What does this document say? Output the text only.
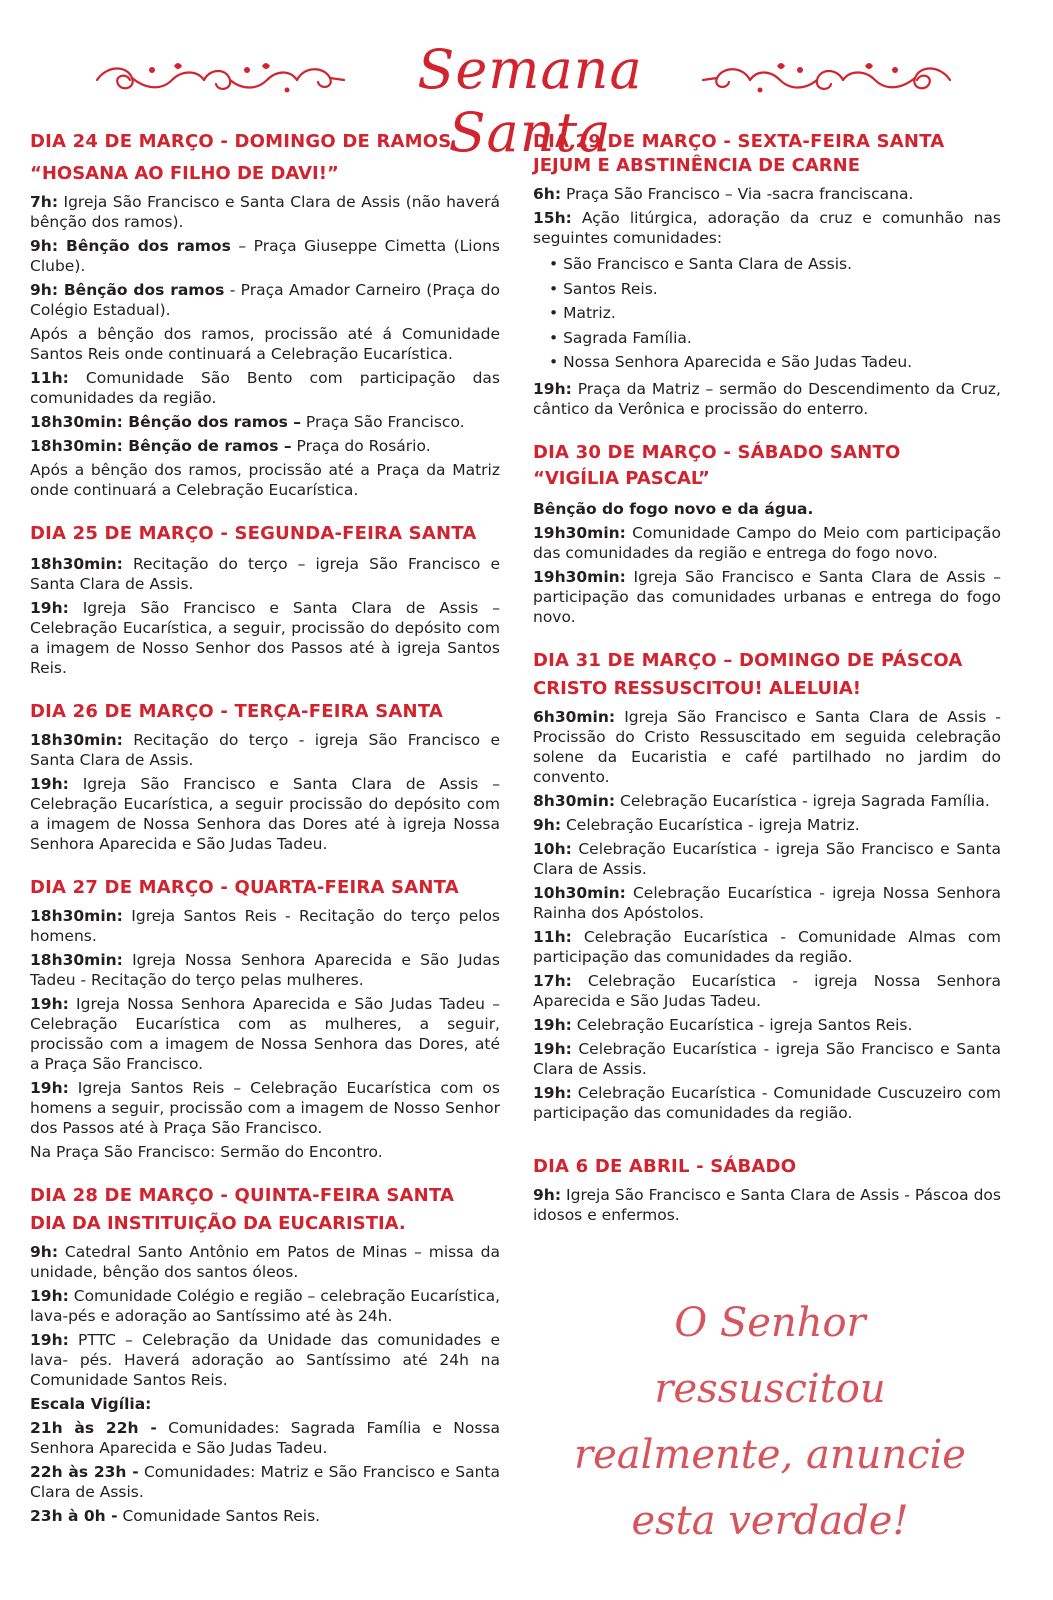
Semana Santa

DIA 24 DE MARÇO - DOMINGO DE RAMOS

“HOSANA AO FILHO DE DAVI!”

7h: Igreja São Francisco e Santa Clara de Assis (não haverá bênção dos ramos).

9h: Bênção dos ramos – Praça Giuseppe Cimetta (Lions Clube).

9h: Bênção dos ramos - Praça Amador Carneiro (Praça do Colégio Estadual).

Após a bênção dos ramos, procissão até á Comunidade Santos Reis onde continuará a Celebração Eucarística.

11h: Comunidade São Bento com participação das comunidades da região.

18h30min: Bênção dos ramos – Praça São Francisco.

18h30min: Bênção de ramos – Praça do Rosário.

Após a bênção dos ramos, procissão até a Praça da Matriz onde continuará a Celebração Eucarística.

DIA 25 DE MARÇO - SEGUNDA-FEIRA SANTA

18h30min: Recitação do terço – igreja São Francisco e Santa Clara de Assis.

19h: Igreja São Francisco e Santa Clara de Assis – Celebração Eucarística, a seguir, procissão do depósito com a imagem de Nosso Senhor dos Passos até à igreja Santos Reis.

DIA 26 DE MARÇO - TERÇA-FEIRA SANTA

18h30min: Recitação do terço - igreja São Francisco e Santa Clara de Assis.

19h: Igreja São Francisco e Santa Clara de Assis – Celebração Eucarística, a seguir procissão do depósito com a imagem de Nossa Senhora das Dores até à igreja Nossa Senhora Aparecida e São Judas Tadeu.

DIA 27 DE MARÇO - QUARTA-FEIRA SANTA

18h30min: Igreja Santos Reis - Recitação do terço pelos homens.

18h30min: Igreja Nossa Senhora Aparecida e São Judas Tadeu - Recitação do terço pelas mulheres.

19h: Igreja Nossa Senhora Aparecida e São Judas Tadeu – Celebração Eucarística com as mulheres, a seguir, procissão com a imagem de Nossa Senhora das Dores, até a Praça São Francisco.

19h: Igreja Santos Reis – Celebração Eucarística com os homens a seguir, procissão com a imagem de Nosso Senhor dos Passos até à Praça São Francisco.

Na Praça São Francisco: Sermão do Encontro.

DIA 28 DE MARÇO - QUINTA-FEIRA SANTA

DIA DA INSTITUIÇÃO DA EUCARISTIA.

9h: Catedral Santo Antônio em Patos de Minas – missa da unidade, bênção dos santos óleos.

19h: Comunidade Colégio e região – celebração Eucarística, lava-pés e adoração ao Santíssimo até às 24h.

19h: PTTC – Celebração da Unidade das comunidades e lava- pés. Haverá adoração ao Santíssimo até 24h na Comunidade Santos Reis.

Escala Vigília:

21h às 22h - Comunidades: Sagrada Família e Nossa Senhora Aparecida e São Judas Tadeu.

22h às 23h - Comunidades: Matriz e São Francisco e Santa Clara de Assis.

23h à 0h - Comunidade Santos Reis.

DIA 29 DE MARÇO - SEXTA-FEIRA SANTA

JEJUM E ABSTINÊNCIA DE CARNE

6h: Praça São Francisco – Via -sacra franciscana.

15h: Ação litúrgica, adoração da cruz e comunhão nas seguintes comunidades:

• São Francisco e Santa Clara de Assis.
• Santos Reis.
• Matriz.
• Sagrada Família.
• Nossa Senhora Aparecida e São Judas Tadeu.

19h: Praça da Matriz – sermão do Descendimento da Cruz, cântico da Verônica e procissão do enterro.

DIA 30 DE MARÇO - SÁBADO SANTO

“VIGÍLIA PASCAL”

Bênção do fogo novo e da água.

19h30min: Comunidade Campo do Meio com participação das comunidades da região e entrega do fogo novo.

19h30min: Igreja São Francisco e Santa Clara de Assis – participação das comunidades urbanas e entrega do fogo novo.

DIA 31 DE MARÇO – DOMINGO DE PÁSCOA

CRISTO RESSUSCITOU! ALELUIA!

6h30min: Igreja São Francisco e Santa Clara de Assis - Procissão do Cristo Ressuscitado em seguida celebração solene da Eucaristia e café partilhado no jardim do convento.

8h30min: Celebração Eucarística - igreja Sagrada Família.

9h: Celebração Eucarística - igreja Matriz.

10h: Celebração Eucarística - igreja São Francisco e Santa Clara de Assis.

10h30min: Celebração Eucarística - igreja Nossa Senhora Rainha dos Apóstolos.

11h: Celebração Eucarística - Comunidade Almas com participação das comunidades da região.

17h: Celebração Eucarística - igreja Nossa Senhora Aparecida e São Judas Tadeu.

19h: Celebração Eucarística - igreja Santos Reis.

19h: Celebração Eucarística - igreja São Francisco e Santa Clara de Assis.

19h: Celebração Eucarística - Comunidade Cuscuzeiro com participação das comunidades da região.

DIA 6 DE ABRIL - SÁBADO

9h: Igreja São Francisco e Santa Clara de Assis - Páscoa dos idosos e enfermos.

O Senhor ressuscitou
realmente, anuncie
esta verdade!
